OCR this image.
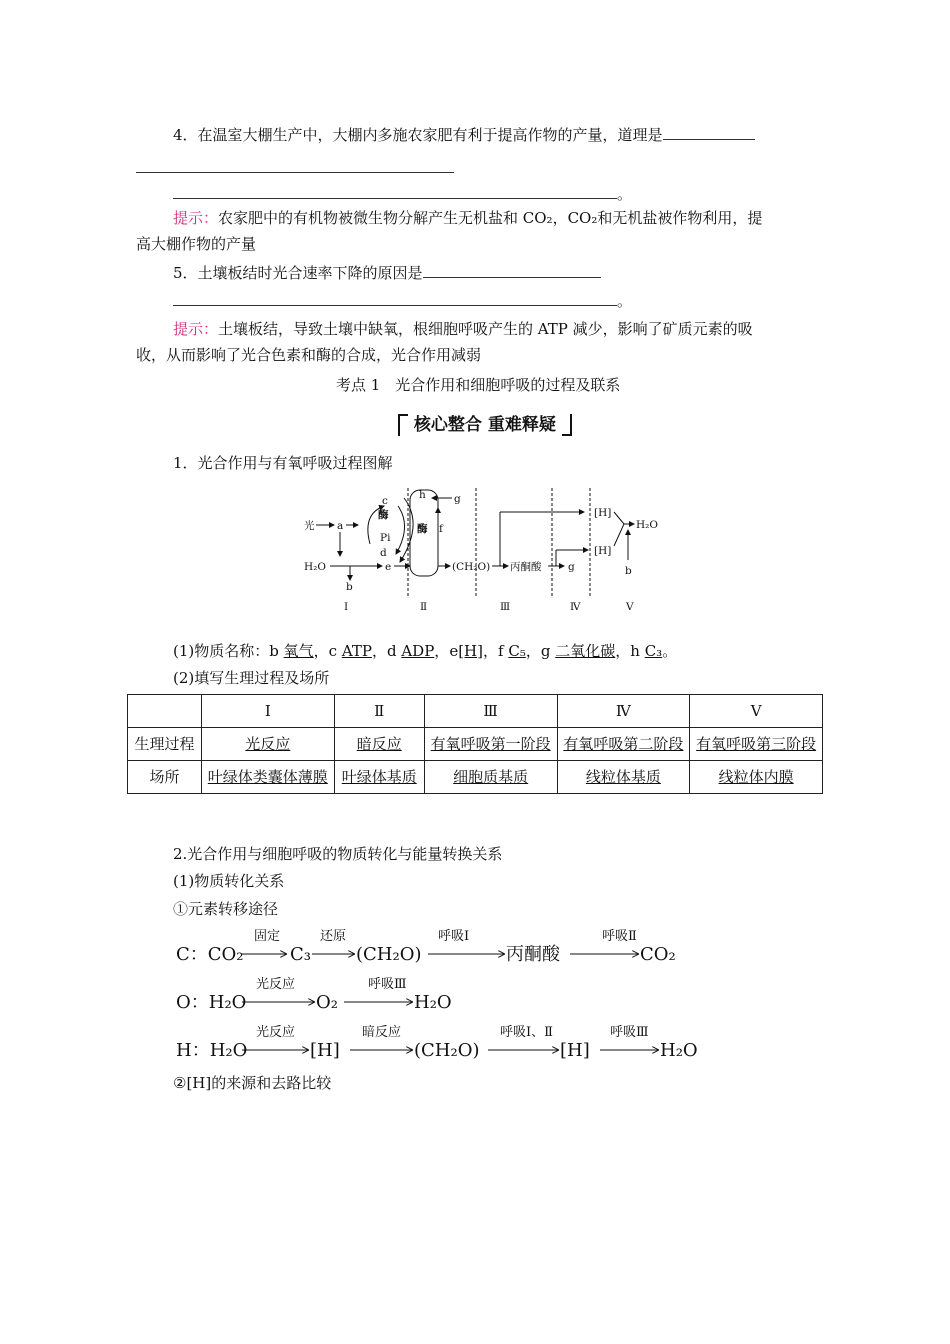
4．在温室大棚生产中，大棚内多施农家肥有利于提高作物的产量，道理是
。
提示：农家肥中的有机物被微生物分解产生无机盐和 CO₂，CO₂和无机盐被作物利用，提
高大棚作物的产量
5．土壤板结时光合速率下降的原因是
。
提示：土壤板结，导致土壤中缺氧，根细胞呼吸产生的 ATP 减少，影响了矿质元素的吸
收，从而影响了光合色素和酶的合成，光合作用减弱
考点 1　光合作用和细胞呼吸的过程及联系
核心整合 重难释疑
1．光合作用与有氧呼吸过程图解
光 a
c
酶
Pi
d
H₂O
b
e
h
酶 f
g
(CH₂O) 丙酮酸	g
[H]
[H]
H₂O
b
Ⅰ	Ⅱ	Ⅲ	Ⅳ	Ⅴ
(1)物质名称：b 氧气，c ATP，d ADP，e[H]，f C₅，g 二氧化碳，h C₃。
(2)填写生理过程及场所
	Ⅰ	Ⅱ	Ⅲ	Ⅳ	Ⅴ
生理过程	光反应	暗反应	有氧呼吸第一阶段	有氧呼吸第二阶段	有氧呼吸第三阶段
场所	叶绿体类囊体薄膜	叶绿体基质	细胞质基质	线粒体基质	线粒体内膜
2.光合作用与细胞呼吸的物质转化与能量转换关系
(1)物质转化关系
①元素转移途径
C：CO₂
固定
C₃
还原
(CH₂O)
呼吸Ⅰ
丙酮酸
呼吸Ⅱ
CO₂
O：H₂O
光反应
O₂
呼吸Ⅲ
H₂O
H：H₂O
光反应
[H]
暗反应
(CH₂O)
呼吸Ⅰ、Ⅱ
[H]
呼吸Ⅲ
H₂O
②[H]的来源和去路比较
